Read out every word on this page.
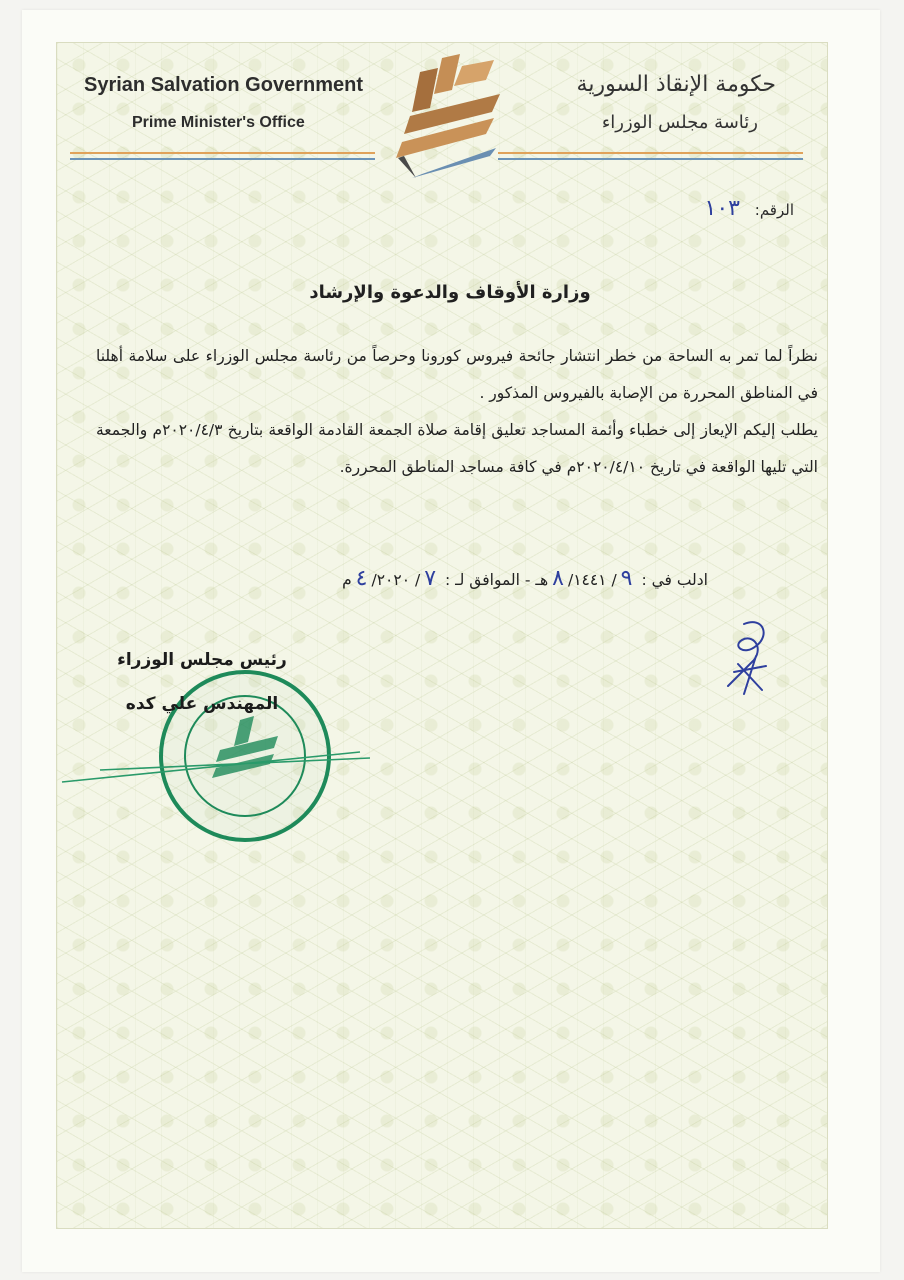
Syrian Salvation Government
Prime Minister's Office
حكومة الإنقاذ السورية
رئاسة مجلس الوزراء
الرقم: ١٠٣
وزارة الأوقاف والدعوة والإرشاد

نظراً لما تمر به الساحة من خطر انتشار جائحة فيروس كورونا وحرصاً من رئاسة مجلس الوزراء على سلامة أهلنا في المناطق المحررة من الإصابة بالفيروس المذكور .

يطلب إليكم الإيعاز إلى خطباء وأئمة المساجد تعليق إقامة صلاة الجمعة القادمة الواقعة بتاريخ ٢٠٢٠/٤/٣م والجمعة التي تليها الواقعة في تاريخ ٢٠٢٠/٤/١٠م في كافة مساجد المناطق المحررة.

ادلب في : ٩/ ٨ /١٤٤١هـ - الموافق لـ : ٧/ ٤ /٢٠٢٠م
رئيس مجلس الوزراء
المهندس علي كده
